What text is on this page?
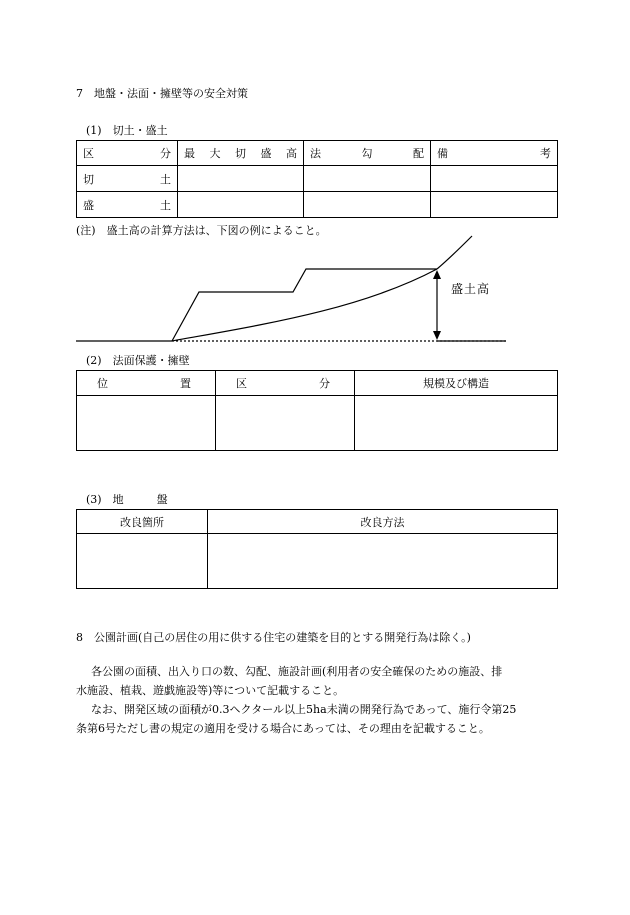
7　地盤・法面・擁壁等の安全対策
(1)　切土・盛土
区 分	最 大 切 盛 高	法 勾 配	備 考

切 土			

盛 土			

(注)　盛土高の計算方法は、下図の例によること。
盛土高
(2)　法面保護・擁壁
位 置	区 分	規模及び構造

(3)　地　　　盤
改良箇所	改良方法

8　公園計画(自己の居住の用に供する住宅の建築を目的とする開発行為は除く。)
各公園の面積、出入り口の数、勾配、施設計画(利用者の安全確保のための施設、排
水施設、植栽、遊戯施設等)等について記載すること。
なお、開発区域の面積が0.3ヘクタール以上5ha未満の開発行為であって、施行令第25
条第6号ただし書の規定の適用を受ける場合にあっては、その理由を記載すること。
